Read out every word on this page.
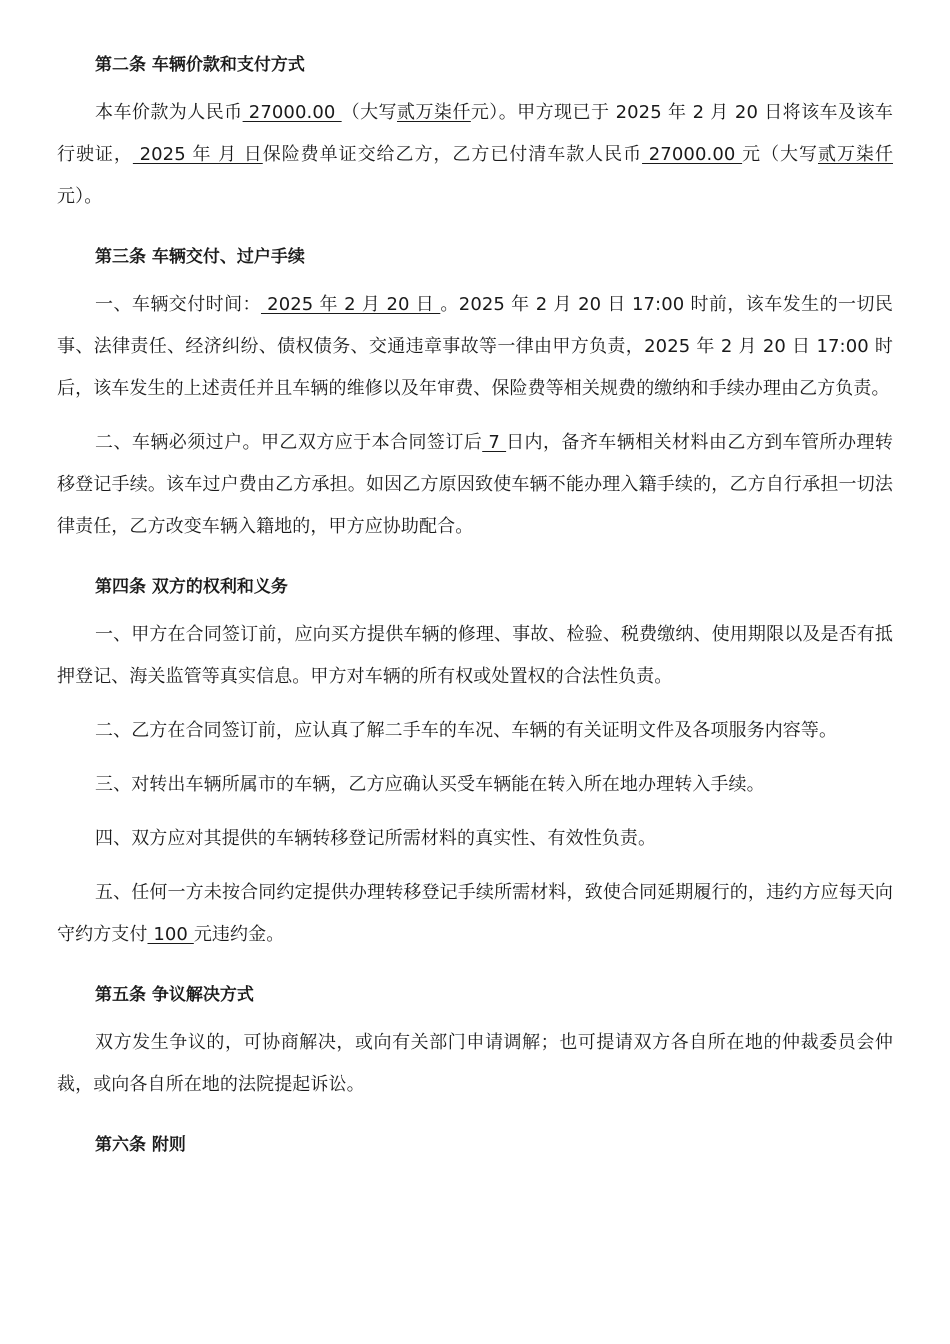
第二条 车辆价款和支付方式

本车价款为人民币 27000.00 （大写贰万柒仟元）。甲方现已于 2025 年 2 月 20 日将该车及该车行驶证， 2025 年 月 日保险费单证交给乙方，乙方已付清车款人民币 27000.00 元（大写贰万柒仟元）。

第三条 车辆交付、过户手续

一、车辆交付时间： 2025 年 2 月 20 日 。2025 年 2 月 20 日 17:00 时前，该车发生的一切民事、法律责任、经济纠纷、债权债务、交通违章事故等一律由甲方负责，2025 年 2 月 20 日 17:00 时后，该车发生的上述责任并且车辆的维修以及年审费、保险费等相关规费的缴纳和手续办理由乙方负责。

二、车辆必须过户。甲乙双方应于本合同签订后 7 日内，备齐车辆相关材料由乙方到车管所办理转移登记手续。该车过户费由乙方承担。如因乙方原因致使车辆不能办理入籍手续的，乙方自行承担一切法律责任，乙方改变车辆入籍地的，甲方应协助配合。

第四条 双方的权利和义务

一、甲方在合同签订前，应向买方提供车辆的修理、事故、检验、税费缴纳、使用期限以及是否有抵押登记、海关监管等真实信息。甲方对车辆的所有权或处置权的合法性负责。

二、乙方在合同签订前，应认真了解二手车的车况、车辆的有关证明文件及各项服务内容等。

三、对转出车辆所属市的车辆，乙方应确认买受车辆能在转入所在地办理转入手续。

四、双方应对其提供的车辆转移登记所需材料的真实性、有效性负责。

五、任何一方未按合同约定提供办理转移登记手续所需材料，致使合同延期履行的，违约方应每天向守约方支付 100 元违约金。

第五条 争议解决方式

双方发生争议的，可协商解决，或向有关部门申请调解；也可提请双方各自所在地的仲裁委员会仲裁，或向各自所在地的法院提起诉讼。

第六条 附则
